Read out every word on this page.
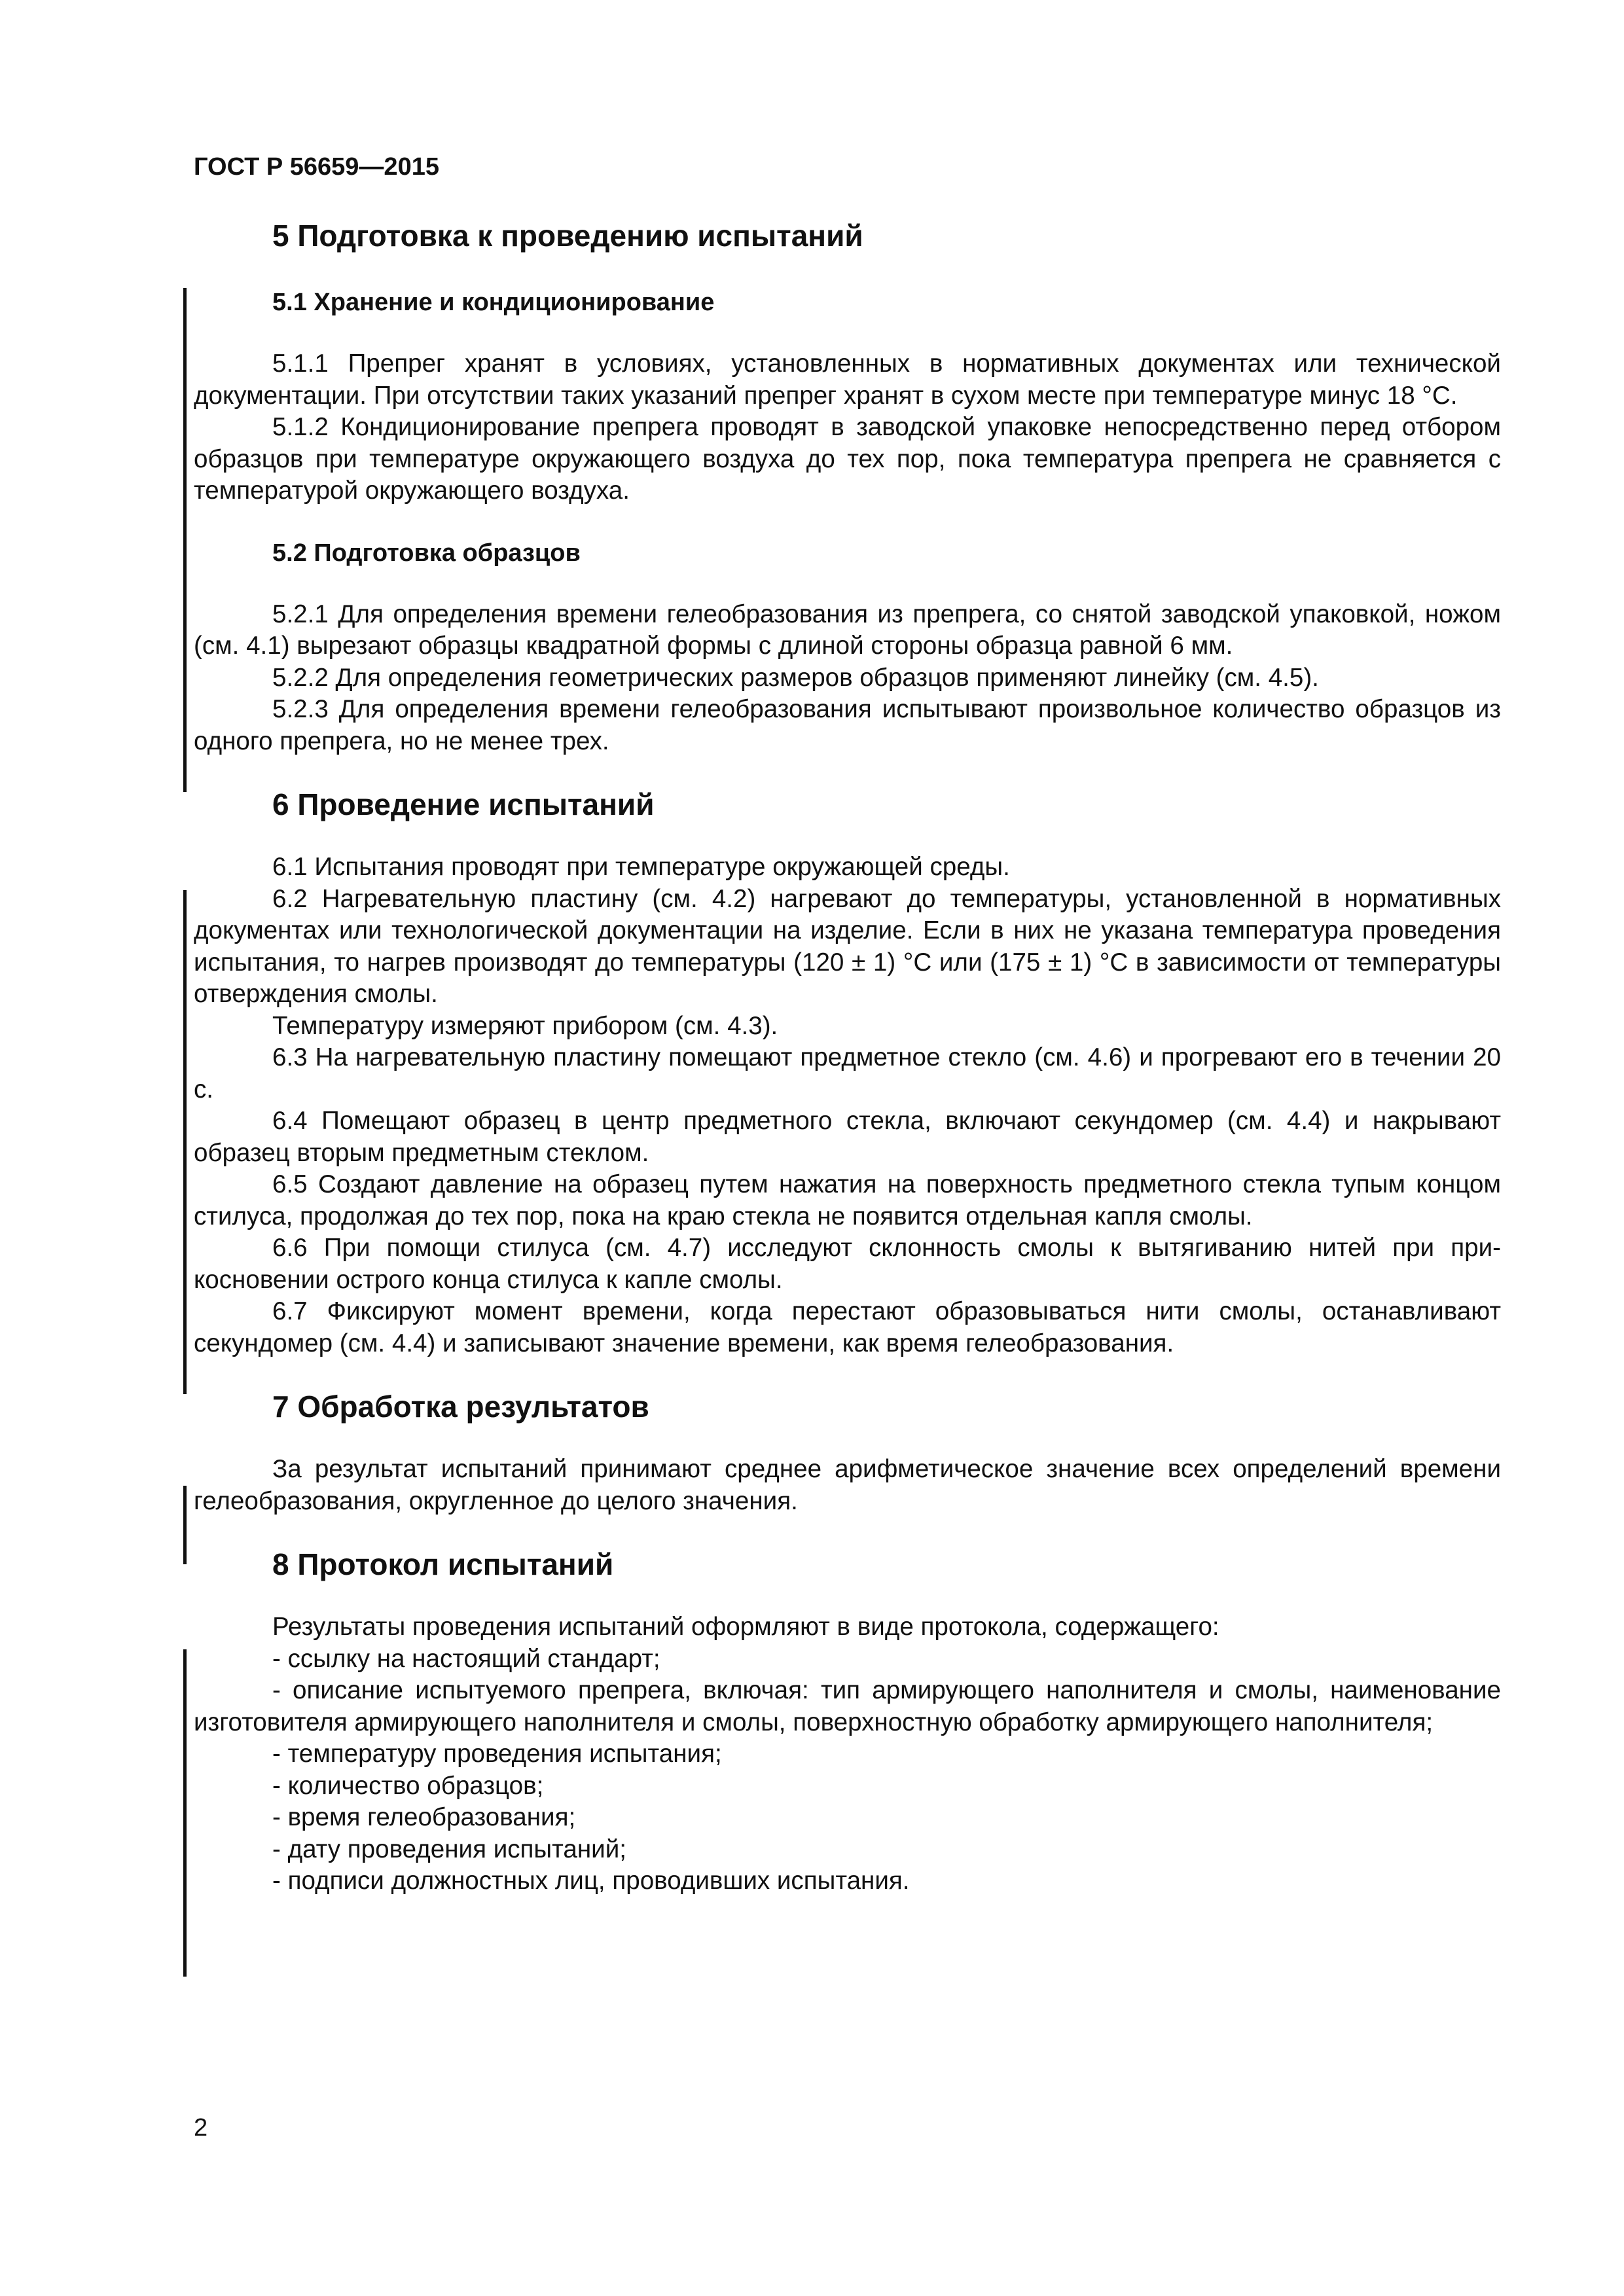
ГОСТ Р 56659—2015
5 Подготовка к проведению испытаний
5.1 Хранение и кондиционирование

5.1.1 Препрег хранят в условиях, установленных в нормативных документах или технической документации. При отсутствии таких указаний препрег хранят в сухом месте при температуре минус 18 °С.

5.1.2 Кондиционирование препрега проводят в заводской упаковке непосредственно перед отбором образцов при температуре окружающего воздуха до тех пор, пока температура препрега не сравняется с температурой окружающего воздуха.

5.2 Подготовка образцов

5.2.1 Для определения времени гелеобразования из препрега, со снятой заводской упаковкой, ножом (см. 4.1) вырезают образцы квадратной формы с длиной стороны образца равной 6 мм.

5.2.2 Для определения геометрических размеров образцов применяют линейку (см. 4.5).

5.2.3 Для определения времени гелеобразования испытывают произвольное количество образцов из одного препрега, но не менее трех.

6 Проведение испытаний

6.1 Испытания проводят при температуре окружающей среды.

6.2 Нагревательную пластину (см. 4.2) нагревают до температуры, установленной в нормативных документах или технологической документации на изделие. Если в них не указана температура проведения испытания, то нагрев производят до температуры (120 ± 1) °С или (175 ± 1) °С в зависимости от температуры отверждения смолы.

Температуру измеряют прибором (см. 4.3).

6.3 На нагревательную пластину помещают предметное стекло (см. 4.6) и прогревают его в течении 20 с.

6.4 Помещают образец в центр предметного стекла, включают секундомер (см. 4.4) и накрывают образец вторым предметным стеклом.

6.5 Создают давление на образец путем нажатия на поверхность предметного стекла тупым концом стилуса, продолжая до тех пор, пока на краю стекла не появится отдельная капля смолы.

6.6 При помощи стилуса (см. 4.7) исследуют склонность смолы к вытягиванию нитей при прикосновении острого конца стилуса к капле смолы.

6.7 Фиксируют момент времени, когда перестают образовываться нити смолы, останавливают секундомер (см. 4.4) и записывают значение времени, как время гелеобразования.

7 Обработка результатов

За результат испытаний принимают среднее арифметическое значение всех определений времени гелеобразования, округленное до целого значения.

8 Протокол испытаний

Результаты проведения испытаний оформляют в виде протокола, содержащего:

- ссылку на настоящий стандарт;
- описание испытуемого препрега, включая: тип армирующего наполнителя и смолы, наименование изготовителя армирующего наполнителя и смолы, поверхностную обработку армирующего наполнителя;
- температуру проведения испытания;
- количество образцов;
- время гелеобразования;
- дату проведения испытаний;
- подписи должностных лиц, проводивших испытания.
2
